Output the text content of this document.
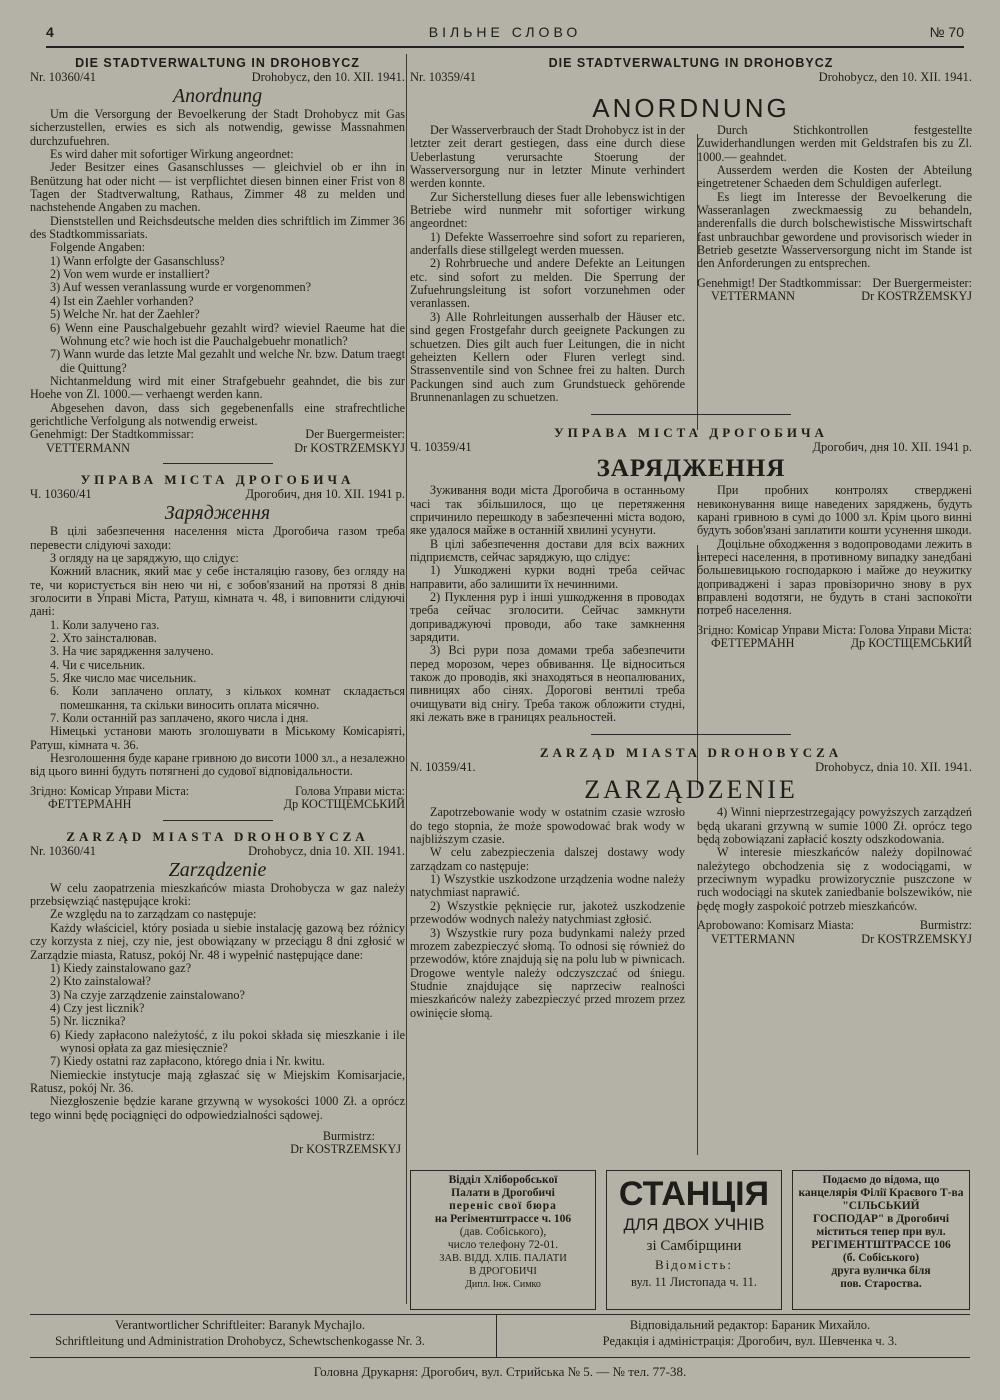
4	ВІЛЬНЕ СЛОВО	№ 70
DIE STADTVERWALTUNG IN DROHOBYCZ
Nr. 10360/41	Drohobycz, den 10. XII. 1941.
Anordnung

Um die Versorgung der Bevoelkerung der Stadt Drohobycz mit Gas sicherzustellen, erwies es sich als notwendig, gewisse Massnahmen durchzufuehren.

Es wird daher mit sofortiger Wirkung angeordnet:

Jeder Besitzer eines Gasanschlusses — gleichviel ob er ihn in Benützung hat oder nicht — ist verpflichtet diesen binnen einer Frist von 8 Tagen der Stadtverwaltung, Rathaus, Zimmer 48 zu melden und nachstehende Angaben zu machen.

Dienststellen und Reichsdeutsche melden dies schriftlich im Zimmer 36 des Stadtkommissariats.

Folgende Angaben:

1) Wann erfolgte der Gasanschluss?
2) Von wem wurde er installiert?
3) Auf wessen veranlassung wurde er vorgenommen?
4) Ist ein Zaehler vorhanden?
5) Welche Nr. hat der Zaehler?
6) Wenn eine Pauschalgebuehr gezahlt wird? wieviel Raeume hat die Wohnung etc? wie hoch ist die Pauchalgebuehr monatlich?
7) Wann wurde das letzte Mal gezahlt und welche Nr. bzw. Datum traegt die Quittung?

Nichtanmeldung wird mit einer Strafgebuehr geahndet, die bis zur Hoehe von Zl. 1000.— verhaengt werden kann.

Abgesehen davon, dass sich gegebenenfalls eine strafrechtliche gerichtliche Verfolgung als notwendig erweist.

Genehmigt: Der Stadtkommissar:	Der Buergermeister:
VETTERMANN	Dr KOSTRZEMSKYJ
УПРАВА МІСТА ДРОГОБИЧА
Ч. 10360/41	Дрогобич, дня 10. XII. 1941 р.
Зарядження

В цілі забезпечення населення міста Дрогобича газом треба перевести слідуючі заходи:

З огляду на це заряджую, що слідує:

Кожний власник, який має у себе інсталяцію газову, без огляду на те, чи користується він нею чи ні, є зобов'язаний на протязі 8 днів зголосити в Управі Міста, Ратуш, кімната ч. 48, і виповнити слідуючі дані:

1. Коли залучено газ.
2. Хто заінсталював.
3. На чиє зарядження залучено.
4. Чи є чисельник.
5. Яке число має чисельник.
6. Коли заплачено оплату, з кількох комнат складається помешкання, та скільки виносить оплата місячно.
7. Коли останній раз заплачено, якого числа і дня.

Німецькі установи мають зголошувати в Міському Комісаріяті, Ратуш, кімната ч. 36.

Незголошення буде каране гривною до висоти 1000 зл., а незалежно від цього винні будуть потягнені до судової відповідальности.

Згідно: Комісар Управи Міста:	Голова Управи міста:
ФЕТТЕРМАНН	Др КОСТЩЕМСЬКИЙ
ZARZĄD MIASTA DROHOBYCZA
Nr. 10360/41	Drohobycz, dnia 10. XII. 1941.
Zarządzenie

W celu zaopatrzenia mieszkańców miasta Drohobycza w gaz należy przebsięwziąć następujące kroki:

Ze względu na to zarządzam co następuje:

Każdy właściciel, który posiada u siebie instalację gazową bez różnicy czy korzysta z niej, czy nie, jest obowiązany w przeciągu 8 dni zgłosić w Zarządzie miasta, Ratusz, pokój Nr. 48 i wypełnić następujące dane:

1) Kiedy zainstalowano gaz?
2) Kto zainstalował?
3) Na czyje zarządzenie zainstalowano?
4) Czy jest licznik?
5) Nr. licznika?
6) Kiedy zapłacono należytość, z ilu pokoi składa się mieszkanie i ile wynosi opłata za gaz miesięcznie?
7) Kiedy ostatni raz zapłacono, którego dnia i Nr. kwitu.

Niemieckie instytucje mają zgłaszać się w Miejskim Komisarjacie, Ratusz, pokój Nr. 36.

Niezgłoszenie będzie karane grzywną w wysokości 1000 Zł. a oprócz tego winni będę pociągnięci do odpowiedzialności sądowej.

Burmistrz:
Dr KOSTRZEMSKYJ
DIE STADTVERWALTUNG IN DROHOBYCZ
Nr. 10359/41	Drohobycz, den 10. XII. 1941.
ANORDNUNG

Der Wasserverbrauch der Stadt Drohobycz ist in der letzter zeit derart gestiegen, dass eine durch diese Ueberlastung verursachte Stoerung der Wasserversorgung nur in letzter Minute verhindert werden konnte.

Zur Sicherstellung dieses fuer alle lebenswichtigen Betriebe wird nunmehr mit sofortiger wirkung angeordnet:

1) Defekte Wasserroehre sind sofort zu reparieren, anderfalls diese stillgelegt werden muessen.

2) Rohrbrueche und andere Defekte an Leitungen etc. sind sofort zu melden. Die Sperrung der Zufuehrungsleitung ist sofort vorzunehmen oder veranlassen.

3) Alle Rohrleitungen ausserhalb der Häuser etc. sind gegen Frostgefahr durch geeignete Packungen zu schuetzen. Dies gilt auch fuer Leitungen, die in nicht geheizten Kellern oder Fluren verlegt sind. Strassenventile sind von Schnee frei zu halten. Durch Packungen sind auch zum Grundstueck gehörende Brunnenanlagen zu schuetzen.

Durch Stichkontrollen festgestellte Zuwiderhandlungen werden mit Geldstrafen bis zu Zl. 1000.— geahndet.

Ausserdem werden die Kosten der Abteilung eingetretener Schaeden dem Schuldigen auferlegt.

Es liegt im Interesse der Bevoelkerung die Wasseranlagen zweckmaessig zu behandeln, anderenfalls die durch bolschewistische Misswirtschaft fast unbrauchbar gewordene und provisorisch wieder in Betrieb gesetzte Wasserversorgung nicht im Stande ist den Anforderungen zu entsprechen.

Genehmigt! Der Stadtkommissar: Der Buergermeister:
VETTERMANN	Dr KOSTRZEMSKYJ
УПРАВА МІСТА ДРОГОБИЧА
Ч. 10359/41	Дрогобич, дня 10. XII. 1941 р.
ЗАРЯДЖЕННЯ

Зуживання води міста Дрогобича в останньому часі так збільшилося, що це перетяження спричинило перешкоду в забезпеченні міста водою, яке удалося майже в останній хвилині усунути.

В цілі забезпечення достави для всіх важних підприємств, сейчас заряджую, що слідує:

1) Ушкоджені курки водні треба сейчас направити, або залишити їх нечинними.

2) Пуклення рур і інші ушкодження в проводах треба сейчас зголосити. Сейчас замкнути доприваджуючі проводи, або таке замкнення зарядити.

3) Всі рури поза домами треба забезпечити перед морозом, через обвивання. Це відноситься також до проводів, які знаходяться в неопалюваних, пивницях або сінях. Дорогові вентилі треба очищувати від снігу. Треба також обложити студні, які лежать вже в границях реальностей.

При пробних контролях стверджені невиконування вище наведених заряджень, будуть карані гривною в сумі до 1000 зл. Крім цього винні будуть зобов'язані заплатити кошти усунення шкоди.

Доцільне обходження з водопроводами лежить в інтересі населення, в противному випадку занедбані большевицькою господаркою і майже до неужитку доприваджені і зараз провізорично знову в рух вправлені водотяги, не будуть в стані заспокоїти потреб населення.

Згідно: Комісар Управи Міста: Голова Управи Міста:
ФЕТТЕРМАНН	Др КОСТЩЕМСЬКИЙ
ZARZĄD MIASTA DROHOBYCZA
N. 10359/41.	Drohobycz, dnia 10. XII. 1941.
ZARZĄDZENIE

Zapotrzebowanie wody w ostatnim czasie wzrosło do tego stopnia, że może spowodować brak wody w najbliższym czasie.

W celu zabezpieczenia dalszej dostawy wody zarządzam co następuje:

1) Wszystkie uszkodzone urządzenia wodne należy natychmiast naprawić.

2) Wszystkie pęknięcie rur, jakoteż uszkodzenie przewodów wodnych należy natychmiast zgłosić.

3) Wszystkie rury poza budynkami należy przed mrozem zabezpieczyć słomą. To odnosi się również do przewodów, które znajdują się na polu lub w piwnicach. Drogowe wentyle należy odczyszczać od śniegu. Studnie znajdujące się naprzeciw realności mieszkańców należy zabezpieczyć przed mrozem przez owinięcie słomą.

4) Winni nieprzestrzegający powyższych zarządzeń będą ukarani grzywną w sumie 1000 Zł. oprócz tego będą zobowiązani zapłacić koszty odszkodowania.

W interesie mieszkańców należy dopilnować należytego obchodzenia się z wodociągami, w przeciwnym wypadku prowizorycznie puszczone w ruch wodociągi na skutek zaniedbanie bolszewików, nie będę mogły zaspokoić potrzeb mieszkańców.

Aprobowano: Komisarz Miasta:	Burmistrz:
VETTERMANN	Dr KOSTRZEMSKYJ
Відділ Хліборобської
Палати в Дрогобичі
переніс свої бюра
на Регіментштрассе ч. 106
(дав. Собіського),
число телефону 72-01.
ЗАВ. ВІДД. ХЛІБ. ПАЛАТИ
В ДРОГОБИЧІ
Дипл. Інж. Симко
СТАНЦІЯ
ДЛЯ ДВОХ УЧНІВ
зі Самбірщини
Відомість:
вул. 11 Листопада ч. 11.
Подаємо до відома, що
канцелярія Філії Краєвого Т-ва "СІЛЬСЬКИЙ
ГОСПОДАР" в Дрогобичі
міститься тепер при вул.
РЕГІМЕНТШТРАССЕ 106
(б. Собіського)
друга вуличка біля
пов. Староства.
Verantwortlicher Schriftleiter: Baranyk Mychajlo.
Schriftleitung und Administration Drohobycz, Schewtschenkogasse Nr. 3.
Відповідальний редактор: Бараник Михайло.
Редакція і адміністрація: Дрогобич, вул. Шевченка ч. 3.
Головна Друкарня: Дрогобич, вул. Стрийська № 5. — № тел. 77-38.
